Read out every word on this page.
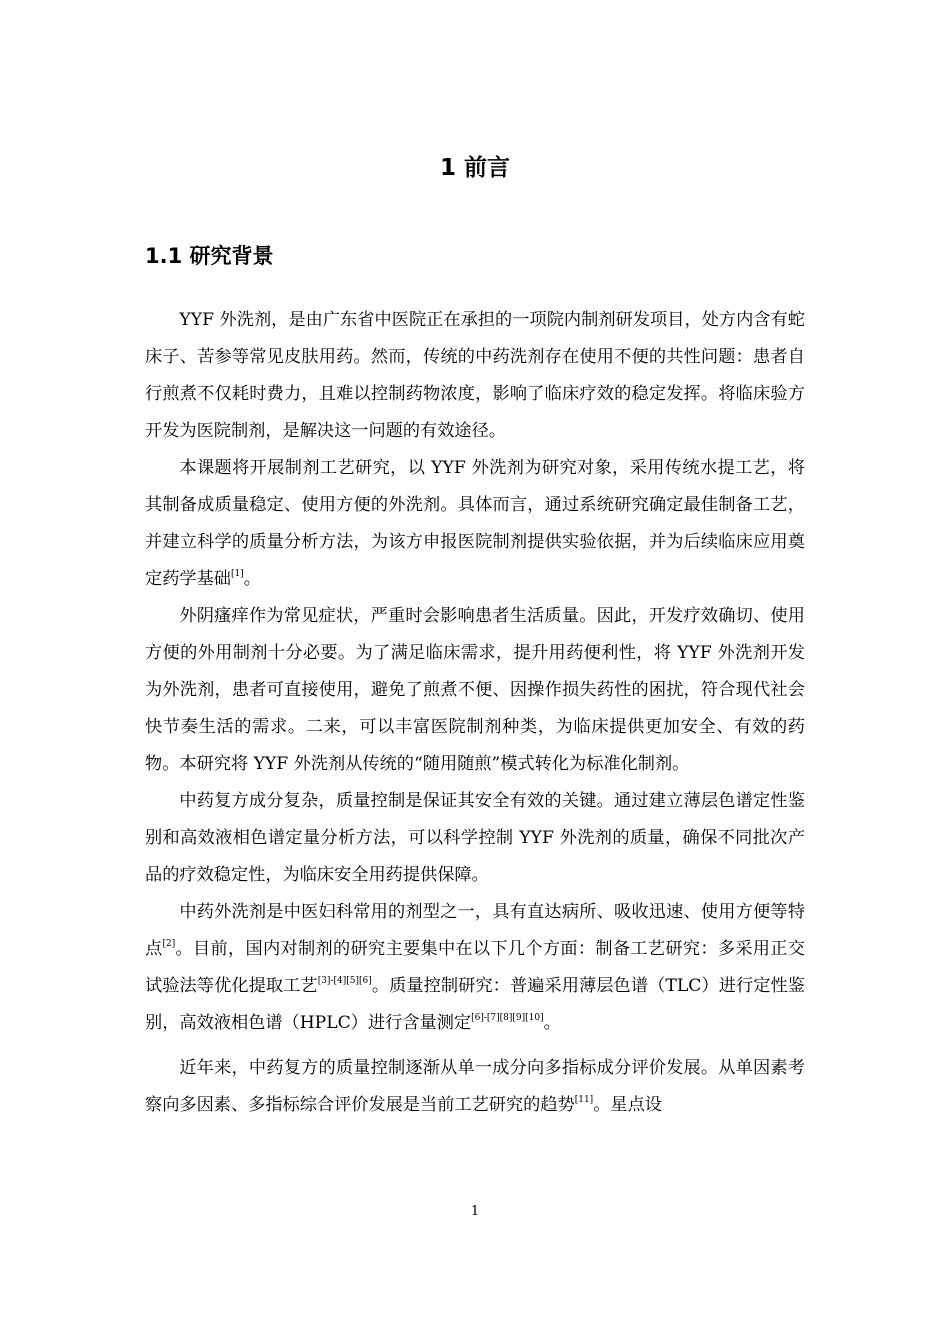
1 前言
1.1 研究背景

YYF 外洗剂，是由广东省中医院正在承担的一项院内制剂研发项目，处方内含有蛇床子、苦参等常见皮肤用药。然而，传统的中药洗剂存在使用不便的共性问题：患者自行煎煮不仅耗时费力，且难以控制药物浓度，影响了临床疗效的稳定发挥。将临床验方开发为医院制剂，是解决这一问题的有效途径。

本课题将开展制剂工艺研究，以 YYF 外洗剂为研究对象，采用传统水提工艺，将其制备成质量稳定、使用方便的外洗剂。具体而言，通过系统研究确定最佳制备工艺，并建立科学的质量分析方法，为该方申报医院制剂提供实验依据，并为后续临床应用奠定药学基础[1]。

外阴瘙痒作为常见症状，严重时会影响患者生活质量。因此，开发疗效确切、使用方便的外用制剂十分必要。为了满足临床需求，提升用药便利性，将 YYF 外洗剂开发为外洗剂，患者可直接使用，避免了煎煮不便、因操作损失药性的困扰，符合现代社会快节奏生活的需求。二来，可以丰富医院制剂种类，为临床提供更加安全、有效的药物。本研究将 YYF 外洗剂从传统的“随用随煎”模式转化为标准化制剂。

中药复方成分复杂，质量控制是保证其安全有效的关键。通过建立薄层色谱定性鉴别和高效液相色谱定量分析方法，可以科学控制 YYF 外洗剂的质量，确保不同批次产品的疗效稳定性，为临床安全用药提供保障。

中药外洗剂是中医妇科常用的剂型之一，具有直达病所、吸收迅速、使用方便等特点[2]。目前，国内对制剂的研究主要集中在以下几个方面：制备工艺研究：多采用正交试验法等优化提取工艺[3]-[4][5][6]。质量控制研究：普遍采用薄层色谱（TLC）进行定性鉴别，高效液相色谱（HPLC）进行含量测定[6]-[7][8][9][10]。

近年来，中药复方的质量控制逐渐从单一成分向多指标成分评价发展。从单因素考察向多因素、多指标综合评价发展是当前工艺研究的趋势[11]。星点设

1
